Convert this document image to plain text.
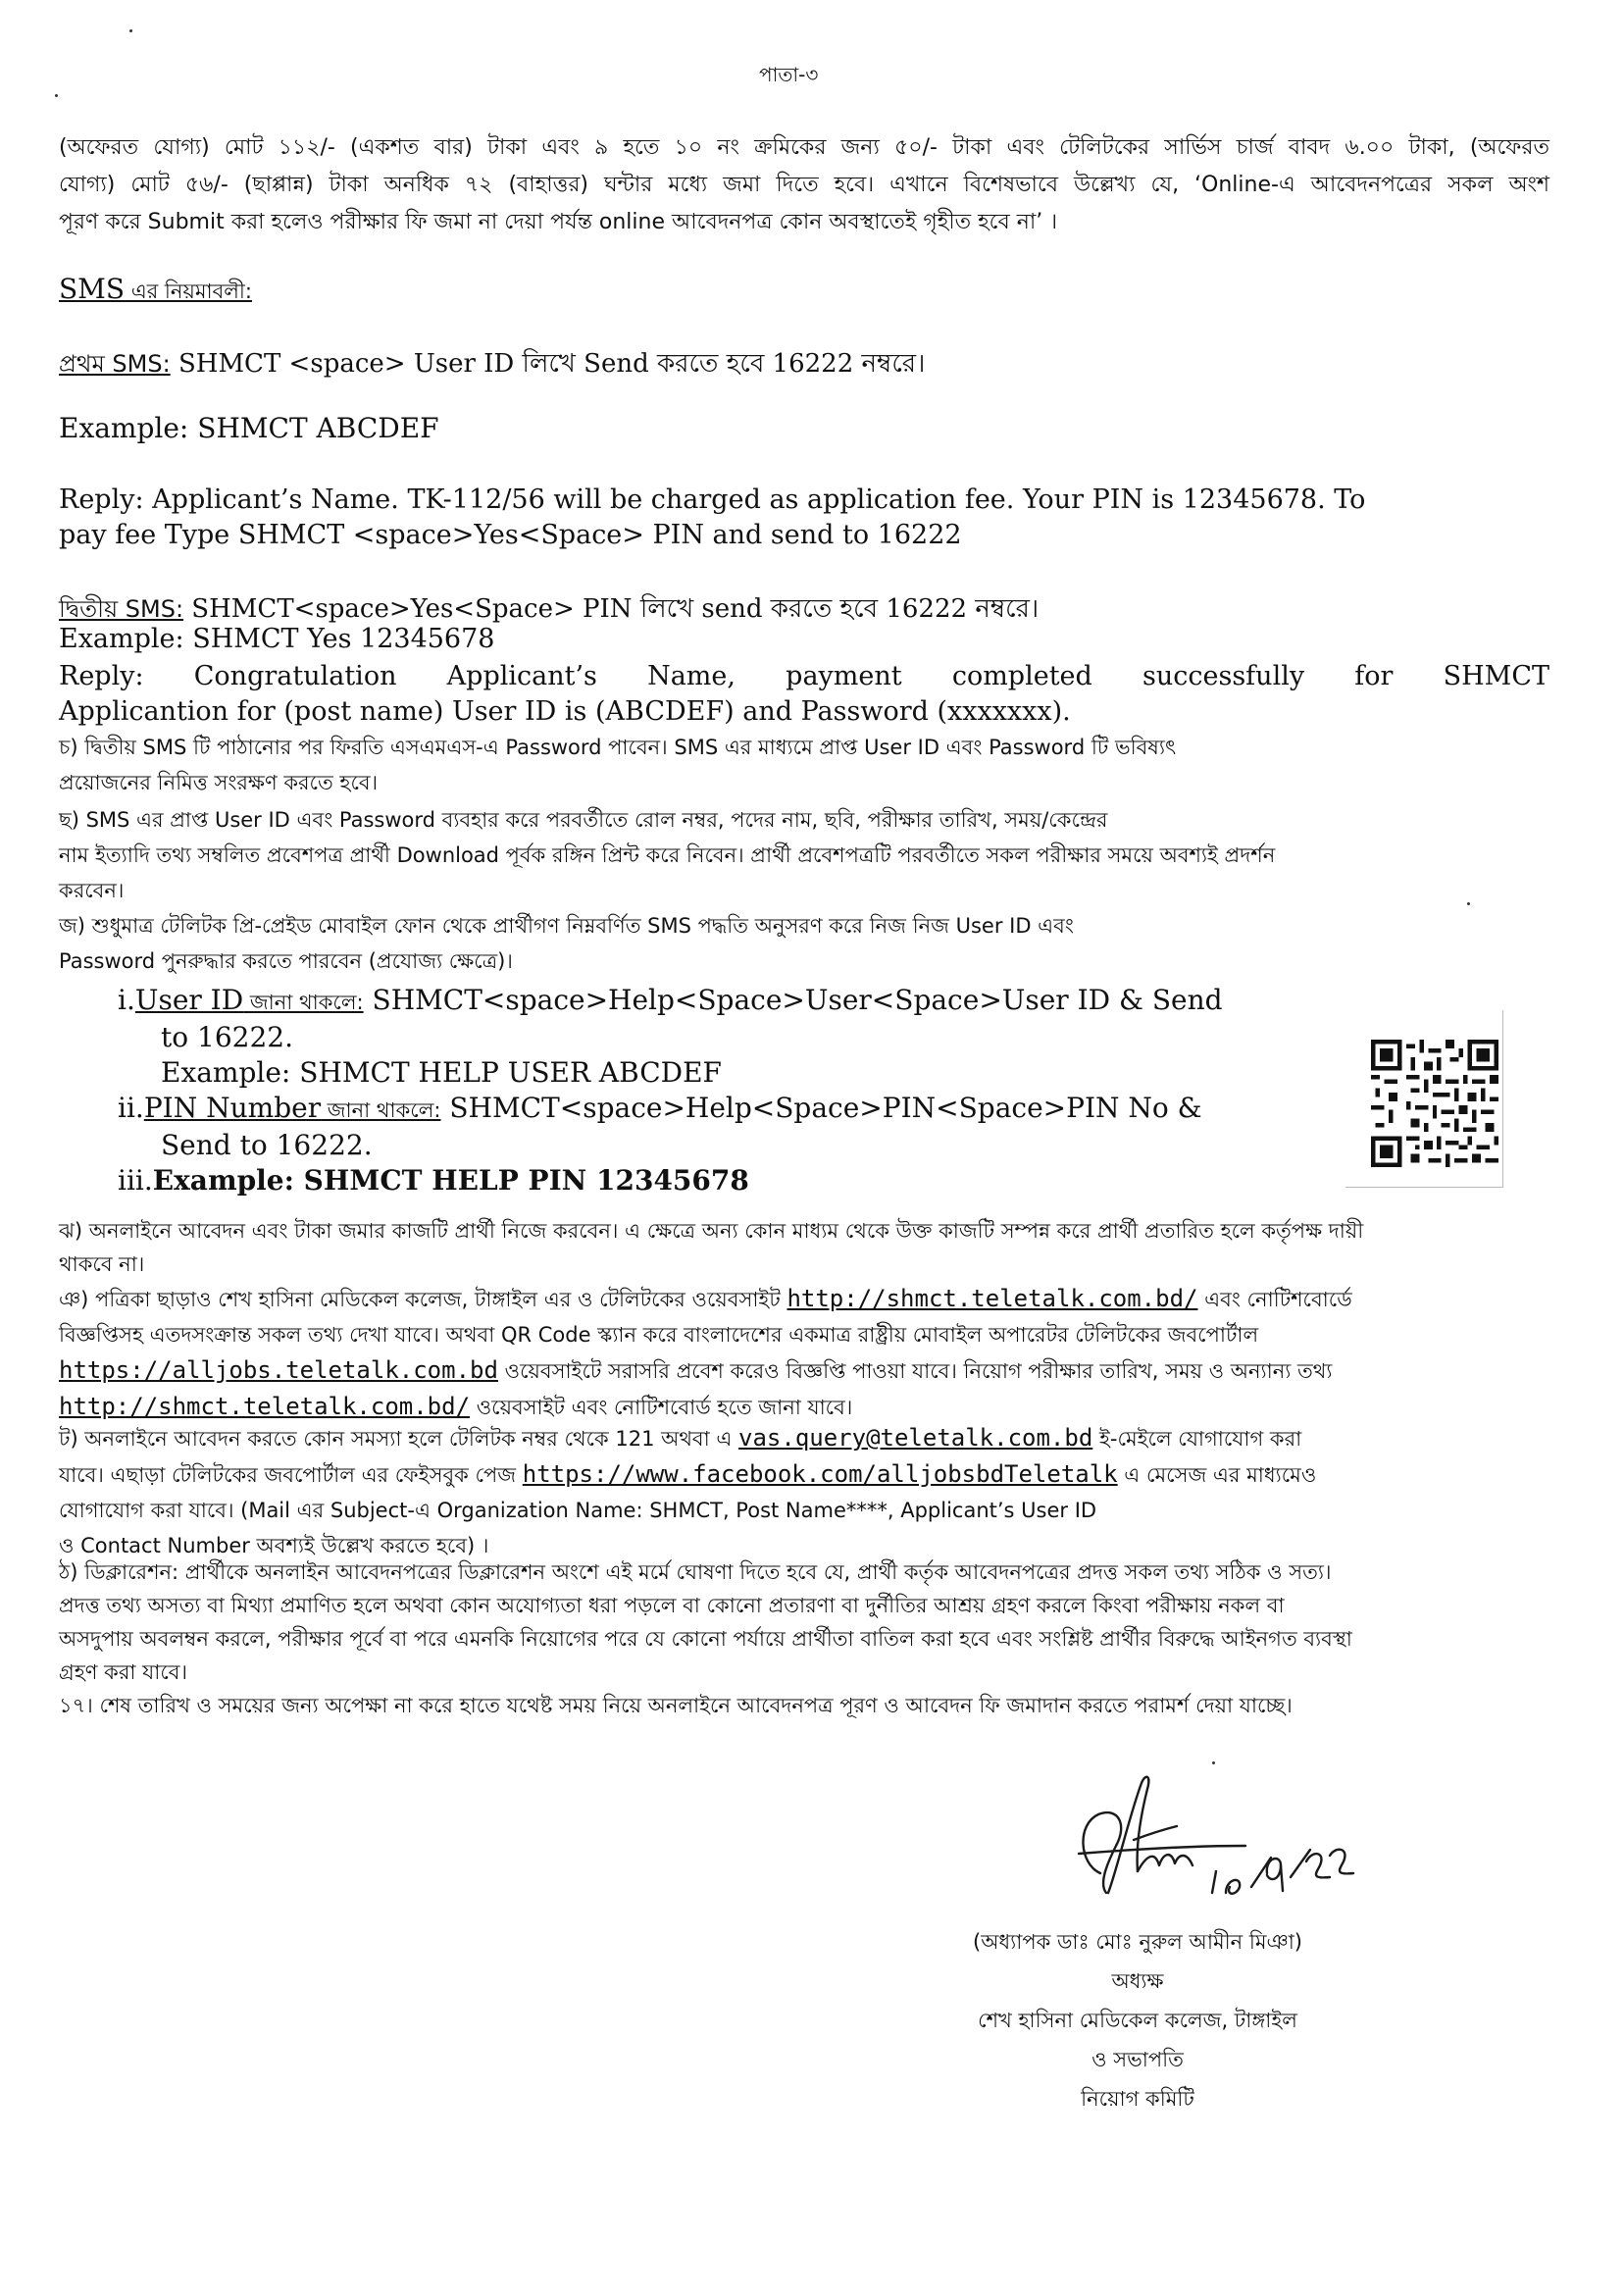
পাতা-৩
(অফেরত যোগ্য) মোট ১১২/- (একশত বার) টাকা এবং ৯ হতে ১০ নং ক্রমিকের জন্য ৫০/- টাকা এবং টেলিটকের সার্ভিস চার্জ বাবদ ৬.০০ টাকা, (অফেরত
যোগ্য) মোট ৫৬/- (ছাপ্পান্ন) টাকা অনধিক ৭২ (বাহাত্তর) ঘন্টার মধ্যে জমা দিতে হবে। এখানে বিশেষভাবে উল্লেখ্য যে, ‘Online-এ আবেদনপত্রের সকল অংশ
পূরণ করে Submit করা হলেও পরীক্ষার ফি জমা না দেয়া পর্যন্ত online আবেদনপত্র কোন অবস্থাতেই গৃহীত হবে না’ ।
SMS এর নিয়মাবলী:
প্রথম SMS: SHMCT <space> User ID লিখে Send করতে হবে 16222 নম্বরে।
Example: SHMCT ABCDEF
Reply: Applicant’s Name. TK-112/56 will be charged as application fee. Your PIN is 12345678. To
pay fee Type SHMCT <space>Yes<Space> PIN and send to 16222
দ্বিতীয় SMS: SHMCT<space>Yes<Space> PIN লিখে send করতে হবে 16222 নম্বরে।
Example: SHMCT Yes 12345678
Reply: Congratulation Applicant’s Name, payment completed successfully for SHMCT
Applicantion for (post name) User ID is (ABCDEF) and Password (xxxxxxx).
চ) দ্বিতীয় SMS টি পাঠানোর পর ফিরতি এসএমএস-এ Password পাবেন। SMS এর মাধ্যমে প্রাপ্ত User ID এবং Password টি ভবিষ্যৎ
প্রয়োজনের নিমিত্ত সংরক্ষণ করতে হবে।
ছ) SMS এর প্রাপ্ত User ID এবং Password ব্যবহার করে পরবর্তীতে রোল নম্বর, পদের নাম, ছবি, পরীক্ষার তারিখ, সময়/কেন্দ্রের
নাম ইত্যাদি তথ্য সম্বলিত প্রবেশপত্র প্রার্থী Download পূর্বক রঙ্গিন প্রিন্ট করে নিবেন। প্রার্থী প্রবেশপত্রটি পরবর্তীতে সকল পরীক্ষার সময়ে অবশ্যই প্রদর্শন
করবেন।
জ) শুধুমাত্র টেলিটক প্রি-প্রেইড মোবাইল ফোন থেকে প্রার্থীগণ নিম্নবর্ণিত SMS পদ্ধতি অনুসরণ করে নিজ নিজ User ID এবং
Password পুনরুদ্ধার করতে পারবেন (প্রযোজ্য ক্ষেত্রে)।
i.User ID জানা থাকলে: SHMCT<space>Help<Space>User<Space>User ID & Send
to 16222.
Example: SHMCT HELP USER ABCDEF
ii.PIN Number জানা থাকলে: SHMCT<space>Help<Space>PIN<Space>PIN No &
Send to 16222.
iii.Example: SHMCT HELP PIN 12345678
ঝ) অনলাইনে আবেদন এবং টাকা জমার কাজটি প্রার্থী নিজে করবেন। এ ক্ষেত্রে অন্য কোন মাধ্যম থেকে উক্ত কাজটি সম্পন্ন করে প্রার্থী প্রতারিত হলে কর্তৃপক্ষ দায়ী
থাকবে না।
ঞ) পত্রিকা ছাড়াও শেখ হাসিনা মেডিকেল কলেজ, টাঙ্গাইল এর ও টেলিটকের ওয়েবসাইট http://shmct.teletalk.com.bd/ এবং নোটিশবোর্ডে
বিজ্ঞপ্তিসহ এতদসংক্রান্ত সকল তথ্য দেখা যাবে। অথবা QR Code স্ক্যান করে বাংলাদেশের একমাত্র রাষ্ট্রীয় মোবাইল অপারেটর টেলিটকের জবপোর্টাল
https://alljobs.teletalk.com.bd ওয়েবসাইটে সরাসরি প্রবেশ করেও বিজ্ঞপ্তি পাওয়া যাবে। নিয়োগ পরীক্ষার তারিখ, সময় ও অন্যান্য তথ্য
http://shmct.teletalk.com.bd/ ওয়েবসাইট এবং নোটিশবোর্ড হতে জানা যাবে।
ট) অনলাইনে আবেদন করতে কোন সমস্যা হলে টেলিটক নম্বর থেকে 121 অথবা এ vas.query@teletalk.com.bd ই-মেইলে যোগাযোগ করা
যাবে। এছাড়া টেলিটকের জবপোর্টাল এর ফেইসবুক পেজ https://www.facebook.com/alljobsbdTeletalk এ মেসেজ এর মাধ্যমেও
যোগাযোগ করা যাবে। (Mail এর Subject-এ Organization Name: SHMCT, Post Name****, Applicant’s User ID
ও Contact Number অবশ্যই উল্লেখ করতে হবে) ।
ঠ) ডিক্লারেশন: প্রার্থীকে অনলাইন আবেদনপত্রের ডিক্লারেশন অংশে এই মর্মে ঘোষণা দিতে হবে যে, প্রার্থী কর্তৃক আবেদনপত্রের প্রদত্ত সকল তথ্য সঠিক ও সত্য।
প্রদত্ত তথ্য অসত্য বা মিথ্যা প্রমাণিত হলে অথবা কোন অযোগ্যতা ধরা পড়লে বা কোনো প্রতারণা বা দুর্নীতির আশ্রয় গ্রহণ করলে কিংবা পরীক্ষায় নকল বা
অসদুপায় অবলম্বন করলে, পরীক্ষার পূর্বে বা পরে এমনকি নিয়োগের পরে যে কোনো পর্যায়ে প্রার্থীতা বাতিল করা হবে এবং সংশ্লিষ্ট প্রার্থীর বিরুদ্ধে আইনগত ব্যবস্থা
গ্রহণ করা যাবে।
১৭। শেষ তারিখ ও সময়ের জন্য অপেক্ষা না করে হাতে যথেষ্ট সময় নিয়ে অনলাইনে আবেদনপত্র পূরণ ও আবেদন ফি জমাদান করতে পরামর্শ দেয়া যাচ্ছে।
(অধ্যাপক ডাঃ মোঃ নুরুল আমীন মিঞা)
অধ্যক্ষ
শেখ হাসিনা মেডিকেল কলেজ, টাঙ্গাইল
ও সভাপতি
নিয়োগ কমিটি
